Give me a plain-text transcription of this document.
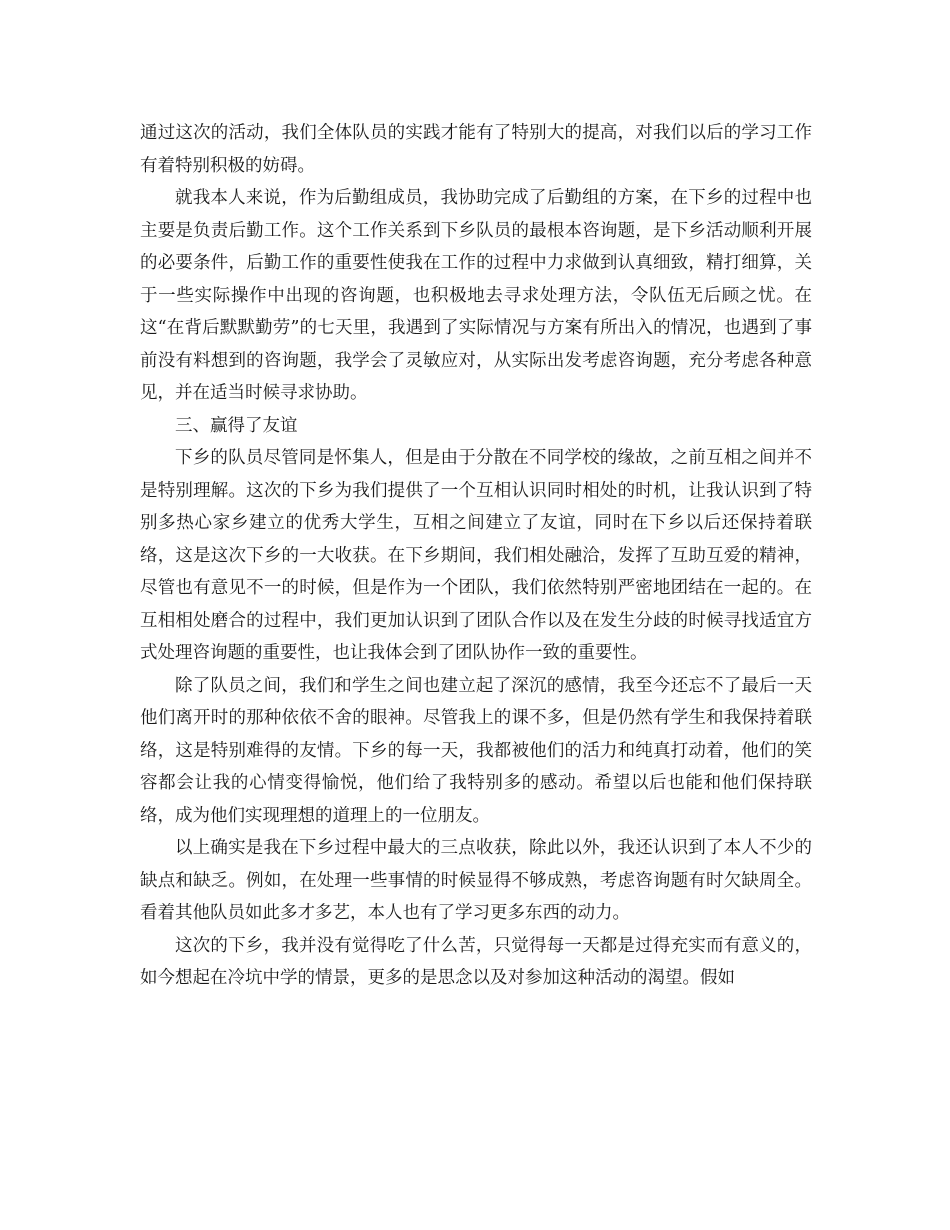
通过这次的活动，我们全体队员的实践才能有了特别大的提高，对我们以后的学习工作有着特别积极的妨碍。

就我本人来说，作为后勤组成员，我协助完成了后勤组的方案，在下乡的过程中也主要是负责后勤工作。这个工作关系到下乡队员的最根本咨询题，是下乡活动顺利开展的必要条件，后勤工作的重要性使我在工作的过程中力求做到认真细致，精打细算，关于一些实际操作中出现的咨询题，也积极地去寻求处理方法，令队伍无后顾之忧。在这“在背后默默勤劳”的七天里，我遇到了实际情况与方案有所出入的情况，也遇到了事前没有料想到的咨询题，我学会了灵敏应对，从实际出发考虑咨询题，充分考虑各种意见，并在适当时候寻求协助。

三、赢得了友谊

下乡的队员尽管同是怀集人，但是由于分散在不同学校的缘故，之前互相之间并不是特别理解。这次的下乡为我们提供了一个互相认识同时相处的时机，让我认识到了特别多热心家乡建立的优秀大学生，互相之间建立了友谊，同时在下乡以后还保持着联络，这是这次下乡的一大收获。在下乡期间，我们相处融洽，发挥了互助互爱的精神，尽管也有意见不一的时候，但是作为一个团队，我们依然特别严密地团结在一起的。在互相相处磨合的过程中，我们更加认识到了团队合作以及在发生分歧的时候寻找适宜方式处理咨询题的重要性，也让我体会到了团队协作一致的重要性。

除了队员之间，我们和学生之间也建立起了深沉的感情，我至今还忘不了最后一天他们离开时的那种依依不舍的眼神。尽管我上的课不多，但是仍然有学生和我保持着联络，这是特别难得的友情。下乡的每一天，我都被他们的活力和纯真打动着，他们的笑容都会让我的心情变得愉悦，他们给了我特别多的感动。希望以后也能和他们保持联络，成为他们实现理想的道理上的一位朋友。

以上确实是我在下乡过程中最大的三点收获，除此以外，我还认识到了本人不少的缺点和缺乏。例如，在处理一些事情的时候显得不够成熟，考虑咨询题有时欠缺周全。看着其他队员如此多才多艺，本人也有了学习更多东西的动力。

这次的下乡，我并没有觉得吃了什么苦，只觉得每一天都是过得充实而有意义的，如今想起在冷坑中学的情景，更多的是思念以及对参加这种活动的渴望。假如
